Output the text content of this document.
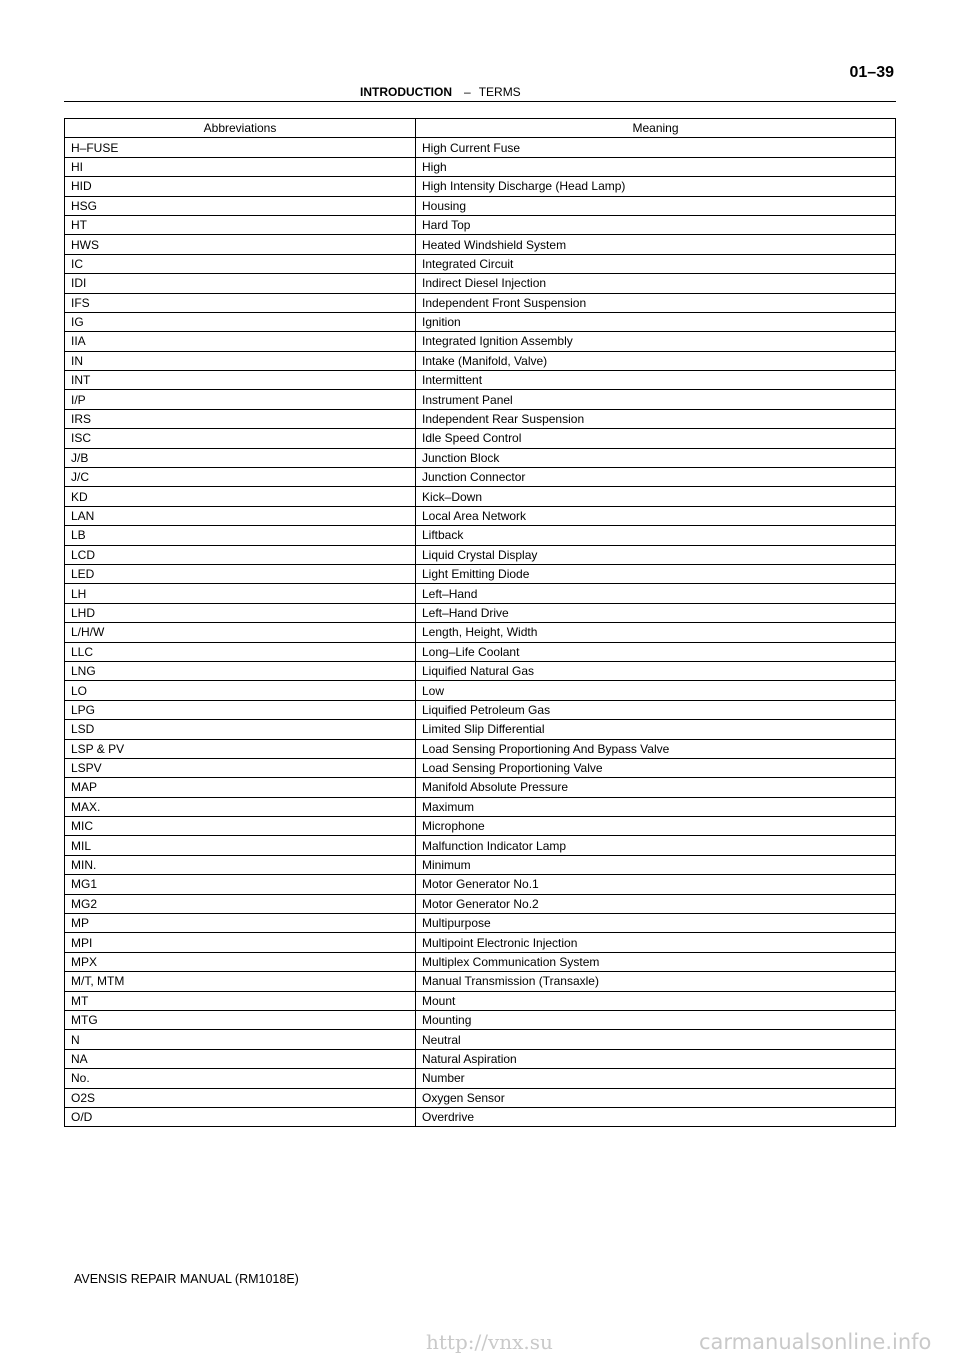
INTRODUCTION – TERMS
01–39
Abbreviations	Meaning
H–FUSE	High Current Fuse
HI	High
HID	High Intensity Discharge (Head Lamp)
HSG	Housing
HT	Hard Top
HWS	Heated Windshield System
IC	Integrated Circuit
IDI	Indirect Diesel Injection
IFS	Independent Front Suspension
IG	Ignition
IIA	Integrated Ignition Assembly
IN	Intake (Manifold, Valve)
INT	Intermittent
I/P	Instrument Panel
IRS	Independent Rear Suspension
ISC	Idle Speed Control
J/B	Junction Block
J/C	Junction Connector
KD	Kick–Down
LAN	Local Area Network
LB	Liftback
LCD	Liquid Crystal Display
LED	Light Emitting Diode
LH	Left–Hand
LHD	Left–Hand Drive
L/H/W	Length, Height, Width
LLC	Long–Life Coolant
LNG	Liquified Natural Gas
LO	Low
LPG	Liquified Petroleum Gas
LSD	Limited Slip Differential
LSP & PV	Load Sensing Proportioning And Bypass Valve
LSPV	Load Sensing Proportioning Valve
MAP	Manifold Absolute Pressure
MAX.	Maximum
MIC	Microphone
MIL	Malfunction Indicator Lamp
MIN.	Minimum
MG1	Motor Generator No.1
MG2	Motor Generator No.2
MP	Multipurpose
MPI	Multipoint Electronic Injection
MPX	Multiplex Communication System
M/T, MTM	Manual Transmission (Transaxle)
MT	Mount
MTG	Mounting
N	Neutral
NA	Natural Aspiration
No.	Number
O2S	Oxygen Sensor
O/D	Overdrive
AVENSIS REPAIR MANUAL (RM1018E)
http://vnx.su	carmanualsonline.info
